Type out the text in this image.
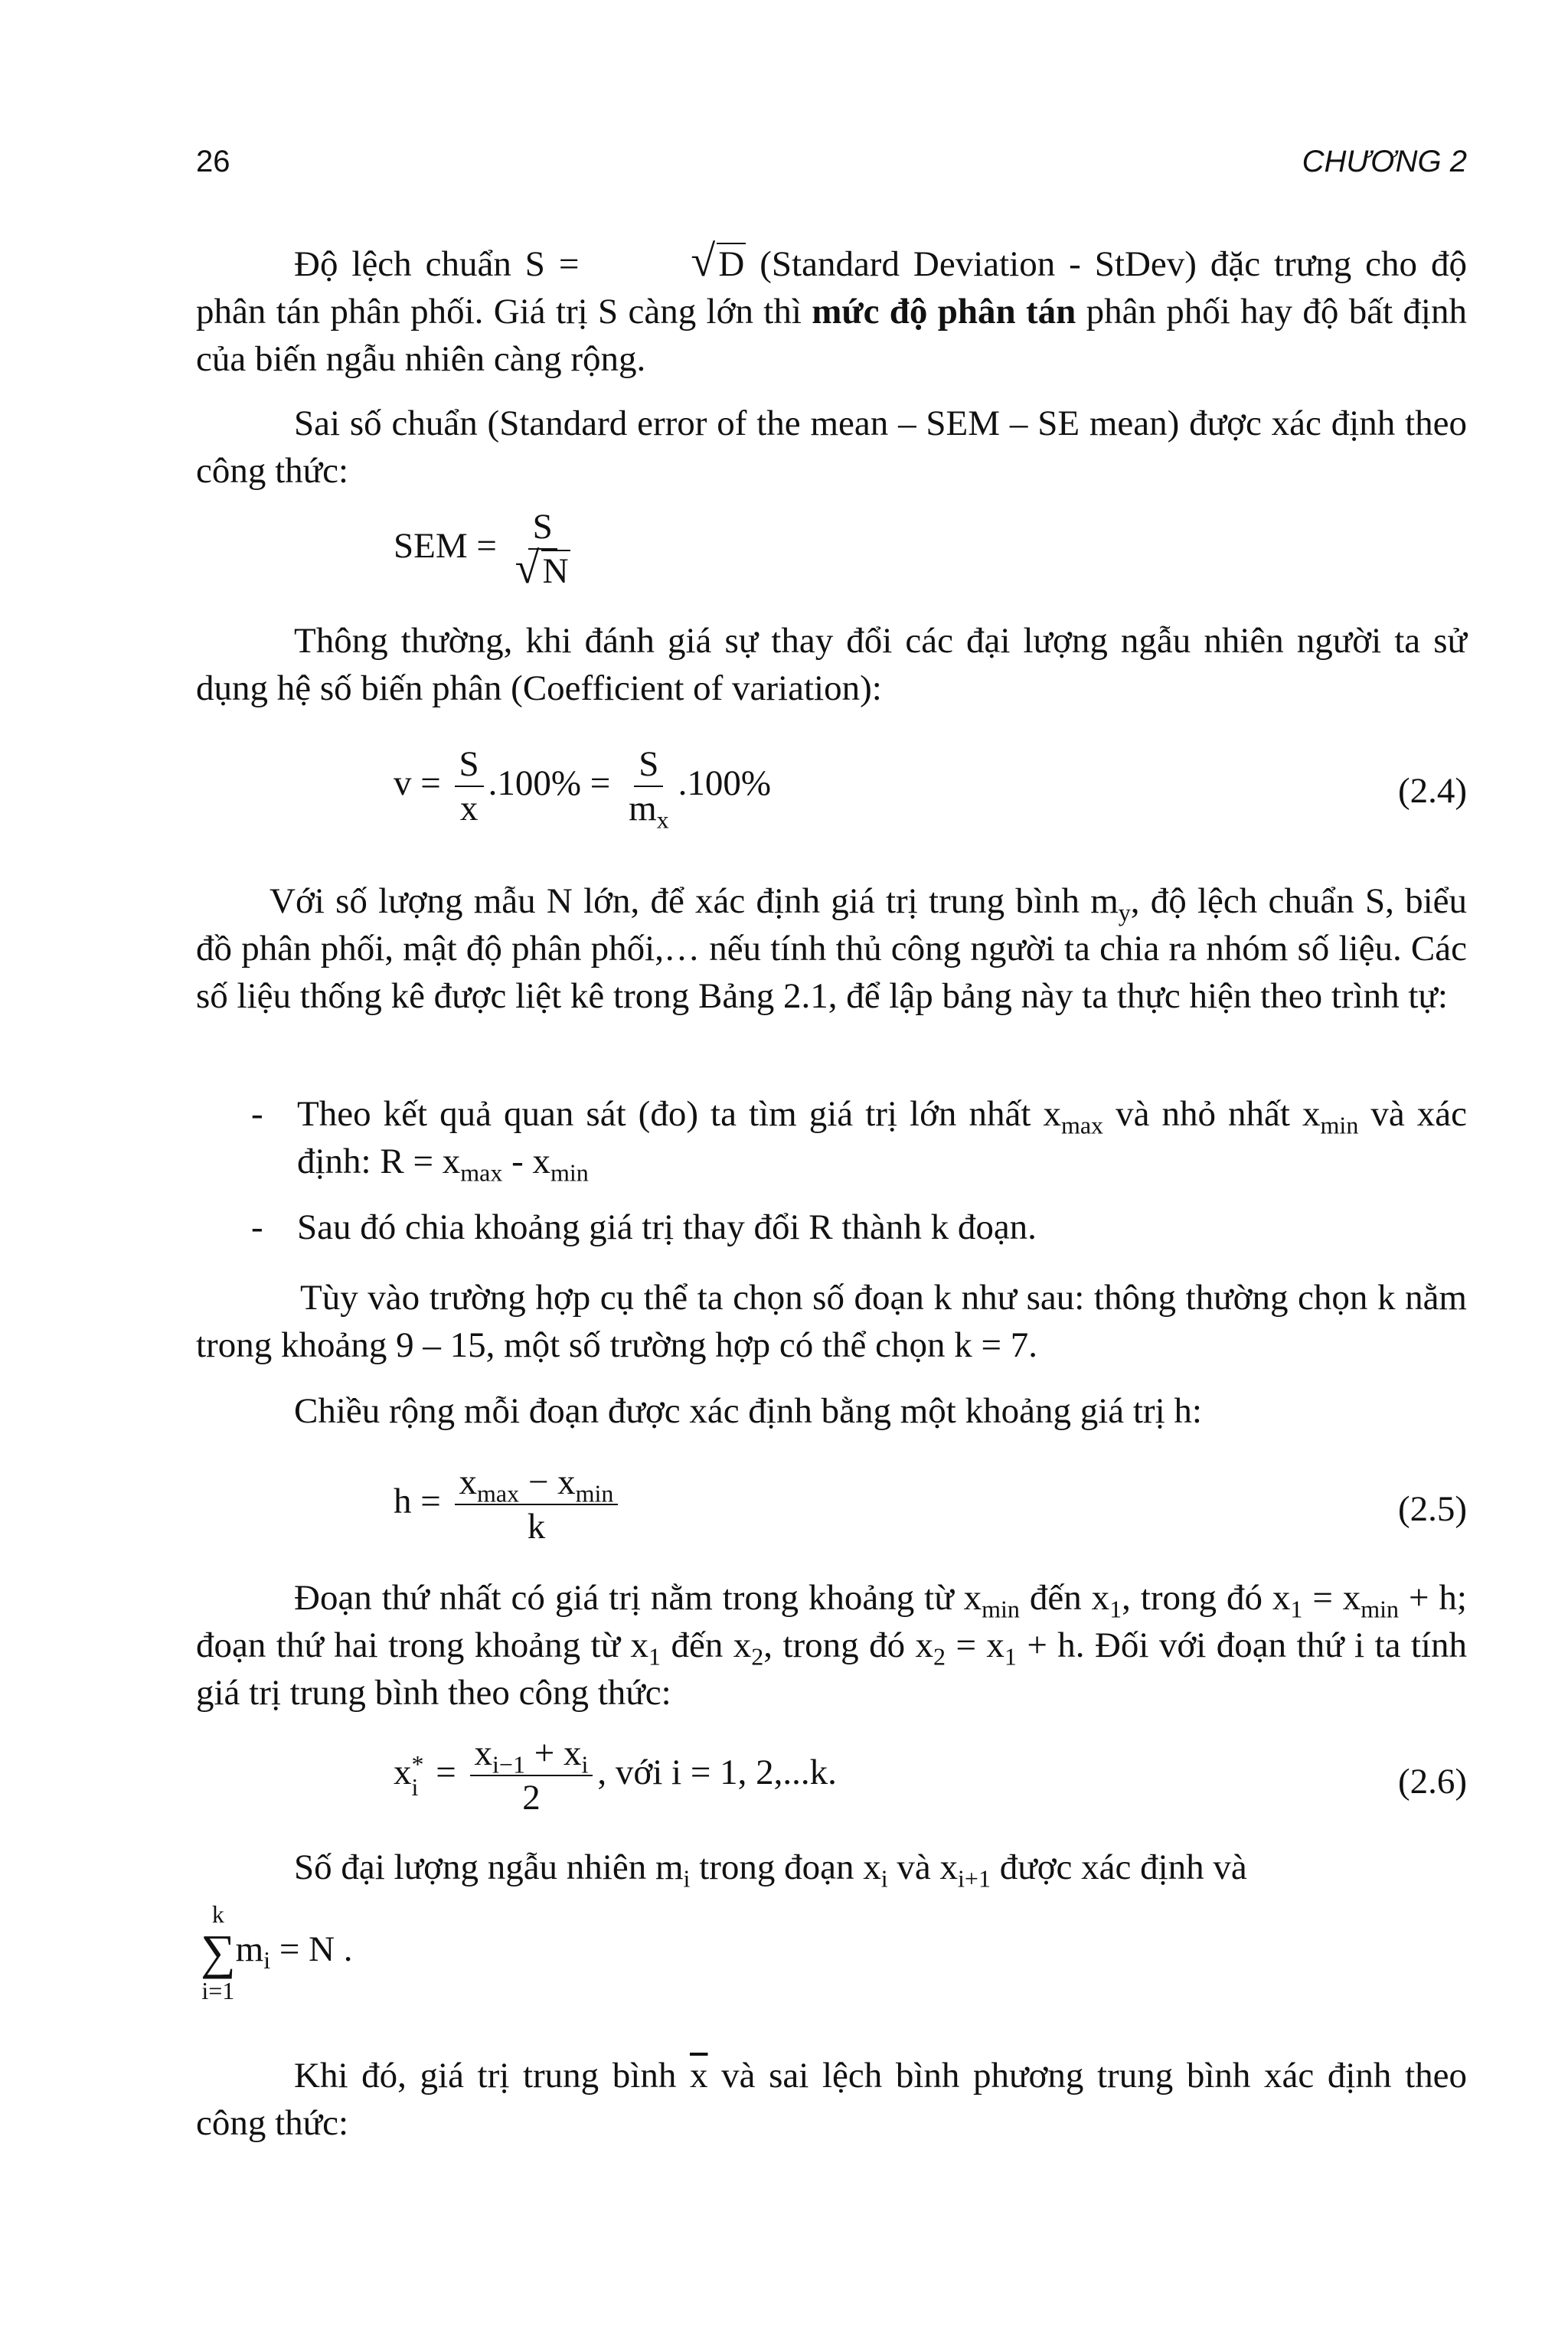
26	CHƯƠNG 2

Độ lệch chuẩn S =	√ D (Standard Deviation - StDev) đặc trưng cho độ phân tán phân phối. Giá trị S càng lớn thì mức độ phân tán phân phối hay độ bất định của biến ngẫu nhiên càng rộng.

Sai số chuẩn (Standard error of the mean – SEM – SE mean) được xác định theo công thức:

SEM = $\frac{S}{√ N}$

Thông thường, khi đánh giá sự thay đổi các đại lượng ngẫu nhiên người ta sử dụng hệ số biến phân (Coefficient of variation):

$v = \frac{S}{x} .100\% = \frac{S}{m_x} .100\%$	(2.4)

Với số lượng mẫu N lớn, để xác định giá trị trung bình $m_y$, độ lệch chuẩn S, biểu đồ phân phối, mật độ phân phối,… nếu tính thủ công người ta chia ra nhóm số liệu. Các số liệu thống kê được liệt kê trong Bảng 2.1, để lập bảng này ta thực hiện theo trình tự:

- Theo kết quả quan sát (đo) ta tìm giá trị lớn nhất $x_{max}$ và nhỏ nhất $x_{min}$ và xác định: $R = x_{max} - x_{min}$

- Sau đó chia khoảng giá trị thay đổi R thành k đoạn.

Tùy vào trường hợp cụ thể ta chọn số đoạn k như sau: thông thường chọn k nằm trong khoảng 9 – 15, một số trường hợp có thể chọn k = 7.

Chiều rộng mỗi đoạn được xác định bằng một khoảng giá trị h:

$h = \frac{x_{max} - x_{min}}{k}$	(2.5)

Đoạn thứ nhất có giá trị nằm trong khoảng từ $x_{min}$ đến $x_1$, trong đó $x_1 = x_{min} + h$; đoạn thứ hai trong khoảng từ $x_1$ đến $x_2$, trong đó $x_2 = x_1 + h$. Đối với đoạn thứ i ta tính giá trị trung bình theo công thức:

x *
$i = \frac{x_{i-1} + x_i}{2}$ , với i = 1, 2,...k.	(2.6)

Số đại lượng ngẫu nhiên $m_i$ trong đoạn $x_i$ và $x_{i+1}$ được xác định và

k
∑
i=1
$m_i = N$ .

Khi đó, giá trị trung bình $\overline{x}$ và sai lệch bình phương trung bình xác định theo công thức:
